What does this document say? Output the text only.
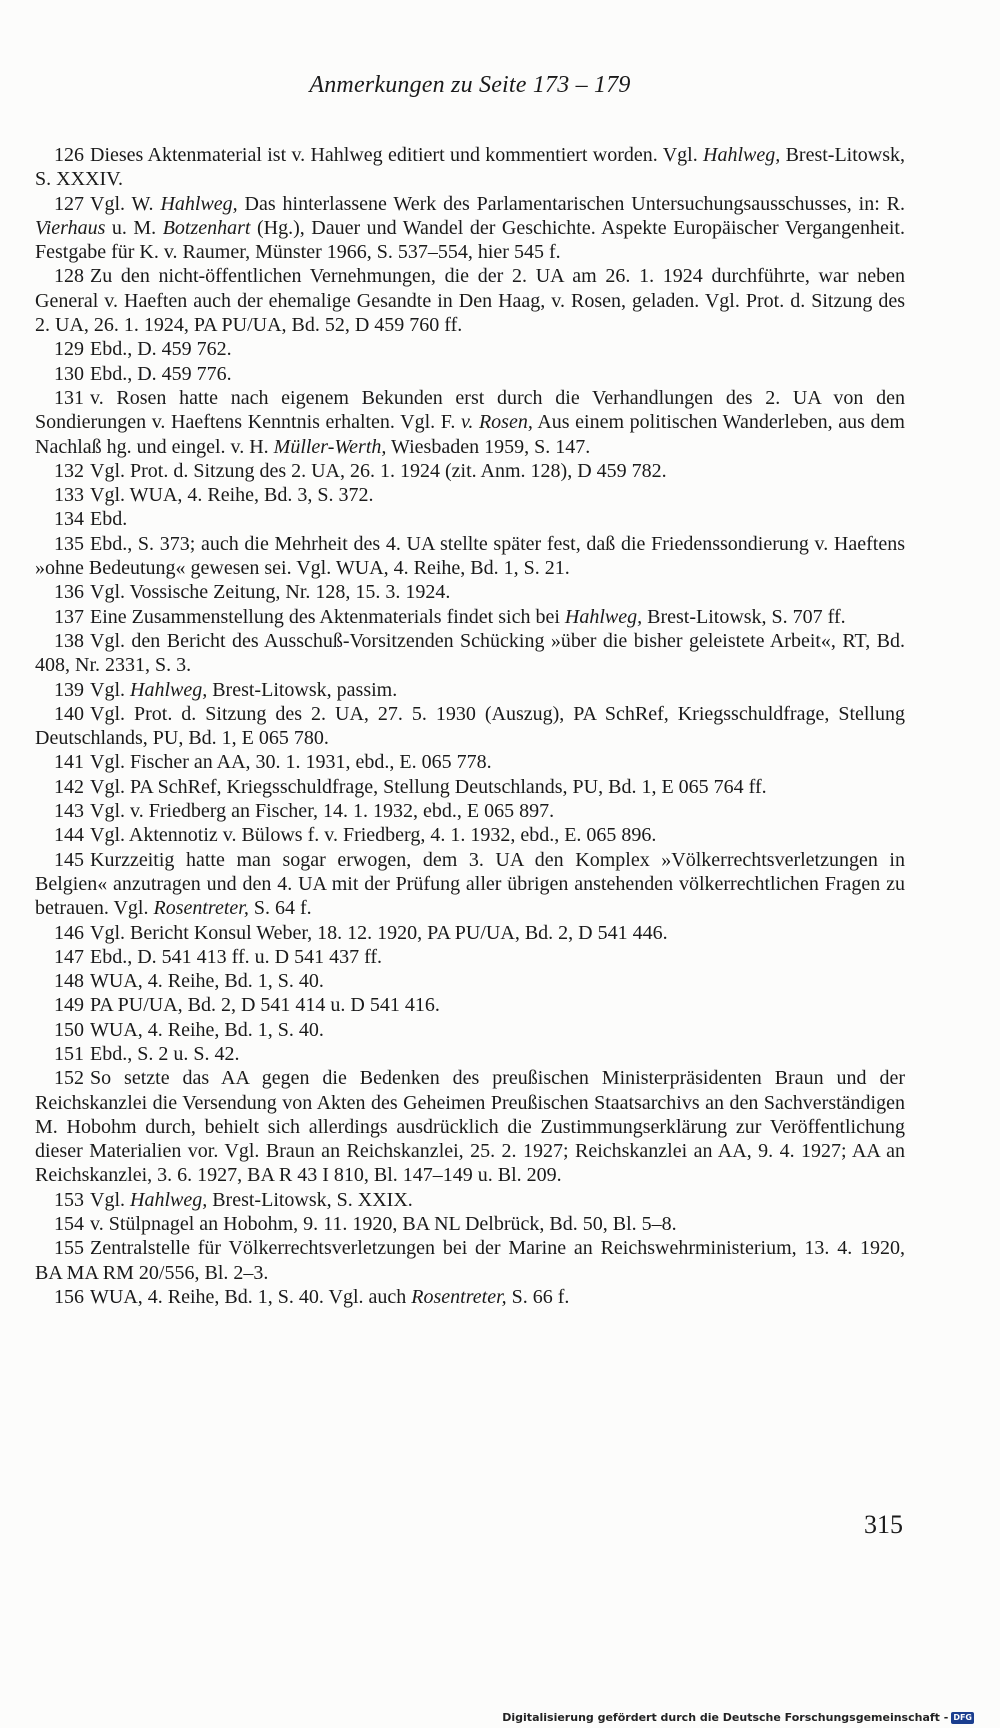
Anmerkungen zu Seite 173 – 179

126 Dieses Aktenmaterial ist v. Hahlweg editiert und kommentiert worden. Vgl. Hahlweg, Brest-Litowsk, S. XXXIV.

127 Vgl. W. Hahlweg, Das hinterlassene Werk des Parlamentarischen Untersuchungsausschusses, in: R. Vierhaus u. M. Botzenhart (Hg.), Dauer und Wandel der Geschichte. Aspekte Europäischer Vergangenheit. Festgabe für K. v. Raumer, Münster 1966, S. 537–554, hier 545 f.

128 Zu den nicht-öffentlichen Vernehmungen, die der 2. UA am 26. 1. 1924 durchführte, war neben General v. Haeften auch der ehemalige Gesandte in Den Haag, v. Rosen, geladen. Vgl. Prot. d. Sitzung des 2. UA, 26. 1. 1924, PA PU/UA, Bd. 52, D 459 760 ff.

129 Ebd., D. 459 762.

130 Ebd., D. 459 776.

131 v. Rosen hatte nach eigenem Bekunden erst durch die Verhandlungen des 2. UA von den Sondierungen v. Haeftens Kenntnis erhalten. Vgl. F. v. Rosen, Aus einem politischen Wanderleben, aus dem Nachlaß hg. und eingel. v. H. Müller-Werth, Wiesbaden 1959, S. 147.

132 Vgl. Prot. d. Sitzung des 2. UA, 26. 1. 1924 (zit. Anm. 128), D 459 782.

133 Vgl. WUA, 4. Reihe, Bd. 3, S. 372.

134 Ebd.

135 Ebd., S. 373; auch die Mehrheit des 4. UA stellte später fest, daß die Friedenssondierung v. Haeftens »ohne Bedeutung« gewesen sei. Vgl. WUA, 4. Reihe, Bd. 1, S. 21.

136 Vgl. Vossische Zeitung, Nr. 128, 15. 3. 1924.

137 Eine Zusammenstellung des Aktenmaterials findet sich bei Hahlweg, Brest-Litowsk, S. 707 ff.

138 Vgl. den Bericht des Ausschuß-Vorsitzenden Schücking »über die bisher geleistete Arbeit«, RT, Bd. 408, Nr. 2331, S. 3.

139 Vgl. Hahlweg, Brest-Litowsk, passim.

140 Vgl. Prot. d. Sitzung des 2. UA, 27. 5. 1930 (Auszug), PA SchRef, Kriegsschuldfrage, Stellung Deutschlands, PU, Bd. 1, E 065 780.

141 Vgl. Fischer an AA, 30. 1. 1931, ebd., E. 065 778.

142 Vgl. PA SchRef, Kriegsschuldfrage, Stellung Deutschlands, PU, Bd. 1, E 065 764 ff.

143 Vgl. v. Friedberg an Fischer, 14. 1. 1932, ebd., E 065 897.

144 Vgl. Aktennotiz v. Bülows f. v. Friedberg, 4. 1. 1932, ebd., E. 065 896.

145 Kurzzeitig hatte man sogar erwogen, dem 3. UA den Komplex »Völkerrechtsverletzungen in Belgien« anzutragen und den 4. UA mit der Prüfung aller übrigen anstehenden völkerrechtlichen Fragen zu betrauen. Vgl. Rosentreter, S. 64 f.

146 Vgl. Bericht Konsul Weber, 18. 12. 1920, PA PU/UA, Bd. 2, D 541 446.

147 Ebd., D. 541 413 ff. u. D 541 437 ff.

148 WUA, 4. Reihe, Bd. 1, S. 40.

149 PA PU/UA, Bd. 2, D 541 414 u. D 541 416.

150 WUA, 4. Reihe, Bd. 1, S. 40.

151 Ebd., S. 2 u. S. 42.

152 So setzte das AA gegen die Bedenken des preußischen Ministerpräsidenten Braun und der Reichskanzlei die Versendung von Akten des Geheimen Preußischen Staatsarchivs an den Sachverständigen M. Hobohm durch, behielt sich allerdings ausdrücklich die Zustimmungserklärung zur Veröffentlichung dieser Materialien vor. Vgl. Braun an Reichskanzlei, 25. 2. 1927; Reichskanzlei an AA, 9. 4. 1927; AA an Reichskanzlei, 3. 6. 1927, BA R 43 I 810, Bl. 147–149 u. Bl. 209.

153 Vgl. Hahlweg, Brest-Litowsk, S. XXIX.

154 v. Stülpnagel an Hobohm, 9. 11. 1920, BA NL Delbrück, Bd. 50, Bl. 5–8.

155 Zentralstelle für Völkerrechtsverletzungen bei der Marine an Reichswehrministerium, 13. 4. 1920, BA MA RM 20/556, Bl. 2–3.

156 WUA, 4. Reihe, Bd. 1, S. 40. Vgl. auch Rosentreter, S. 66 f.

315
Digitalisierung gefördert durch die Deutsche Forschungsgemeinschaft - DFG
